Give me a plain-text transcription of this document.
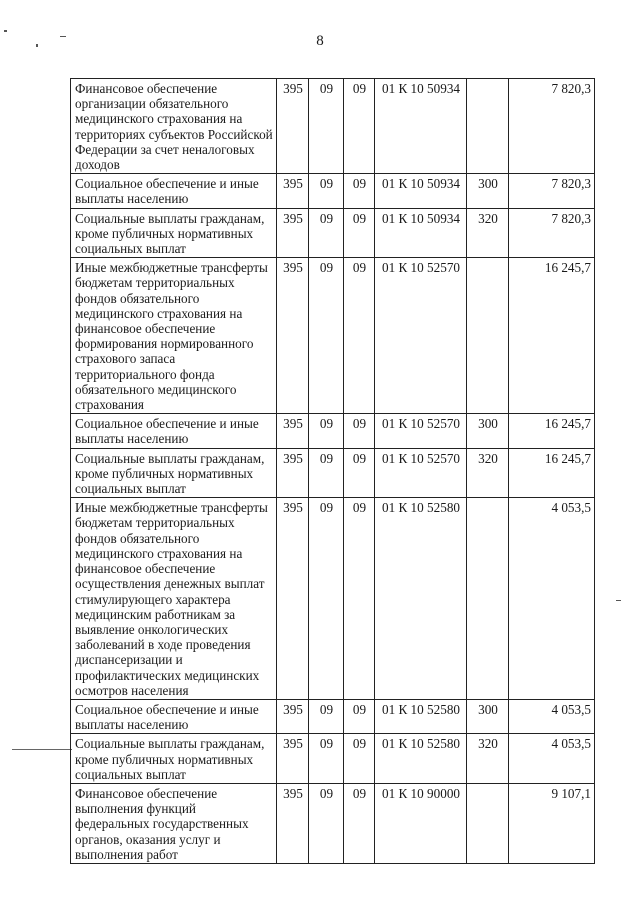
8
Финансовое обеспечение организации обязательного медицинского страхования на территориях субъектов Российской Федерации за счет неналоговых доходов	395	09	09	01 К 10 50934		7 820,3
Социальное обеспечение и иные выплаты населению	395	09	09	01 К 10 50934	300	7 820,3
Социальные выплаты гражданам, кроме публичных нормативных социальных выплат	395	09	09	01 К 10 50934	320	7 820,3
Иные межбюджетные трансферты бюджетам территориальных фондов обязательного медицинского страхования на финансовое обеспечение формирования нормированного страхового запаса территориального фонда обязательного медицинского страхования	395	09	09	01 К 10 52570		16 245,7
Социальное обеспечение и иные выплаты населению	395	09	09	01 К 10 52570	300	16 245,7
Социальные выплаты гражданам, кроме публичных нормативных социальных выплат	395	09	09	01 К 10 52570	320	16 245,7
Иные межбюджетные трансферты бюджетам территориальных фондов обязательного медицинского страхования на финансовое обеспечение осуществления денежных выплат стимулирующего характера медицинским работникам за выявление онкологических заболеваний в ходе проведения диспансеризации и профилактических медицинских осмотров населения	395	09	09	01 К 10 52580		4 053,5
Социальное обеспечение и иные выплаты населению	395	09	09	01 К 10 52580	300	4 053,5
Социальные выплаты гражданам, кроме публичных нормативных социальных выплат	395	09	09	01 К 10 52580	320	4 053,5
Финансовое обеспечение выполнения функций федеральных государственных органов, оказания услуг и выполнения работ	395	09	09	01 К 10 90000		9 107,1
